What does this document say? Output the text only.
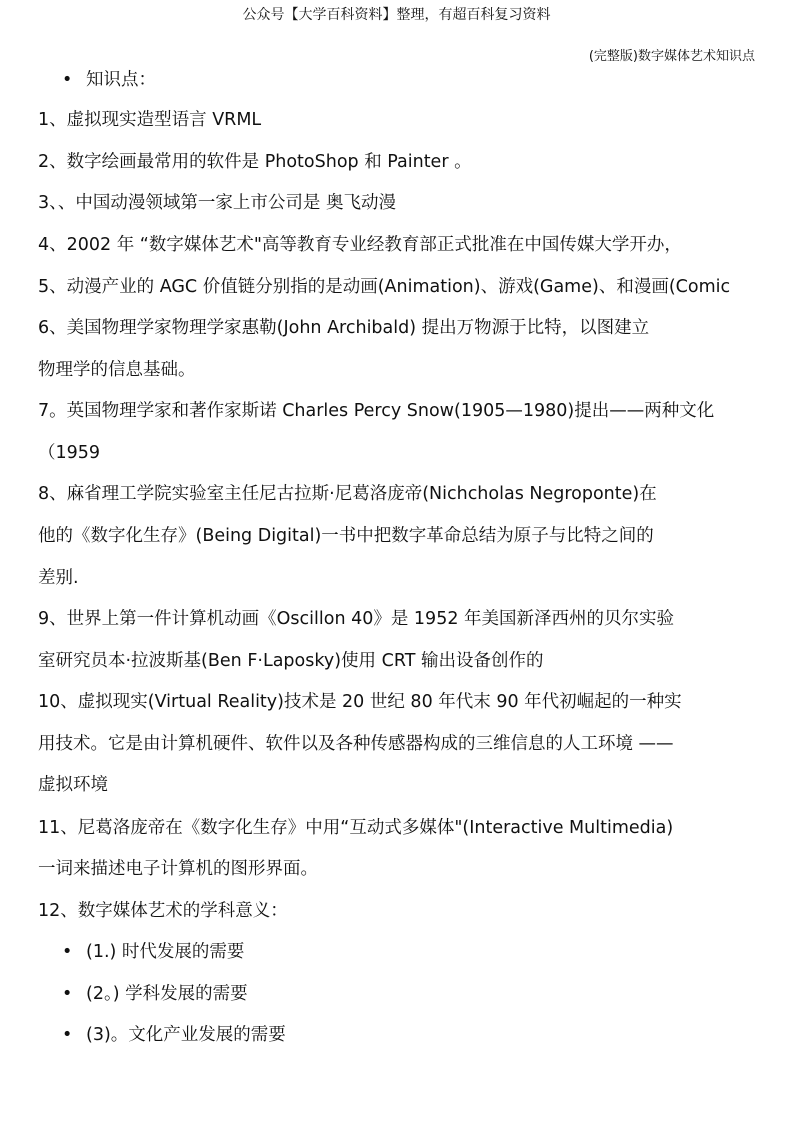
公众号【大学百科资料】整理，有超百科复习资料
(完整版)数字媒体艺术知识点
• 知识点：
1、虚拟现实造型语言 VRML
2、数字绘画最常用的软件是 PhotoShop 和 Painter 。
3、、中国动漫领域第一家上市公司是 奥飞动漫
4、2002 年 “数字媒体艺术"高等教育专业经教育部正式批准在中国传媒大学开办，
5、动漫产业的 AGC 价值链分别指的是动画(Animation)、游戏(Game)、和漫画(Comic
6、美国物理学家物理学家惠勒(John Archibald) 提出万物源于比特，以图建立
物理学的信息基础。
7。英国物理学家和著作家斯诺 Charles Percy Snow(1905—1980)提出——两种文化
（1959
8、麻省理工学院实验室主任尼古拉斯·尼葛洛庞帝(Nichcholas Negroponte)在
他的《数字化生存》(Being Digital)一书中把数字革命总结为原子与比特之间的
差别.
9、世界上第一件计算机动画《Oscillon 40》是 1952 年美国新泽西州的贝尔实验
室研究员本·拉波斯基(Ben F·Laposky)使用 CRT 输出设备创作的
10、虚拟现实(Virtual Reality)技术是 20 世纪 80 年代末 90 年代初崛起的一种实
用技术。它是由计算机硬件、软件以及各种传感器构成的三维信息的人工环境 ——
虚拟环境
11、尼葛洛庞帝在《数字化生存》中用“互动式多媒体"(Interactive Multimedia)
一词来描述电子计算机的图形界面。
12、数字媒体艺术的学科意义：
• (1.) 时代发展的需要
• (2。) 学科发展的需要
• (3)。文化产业发展的需要
